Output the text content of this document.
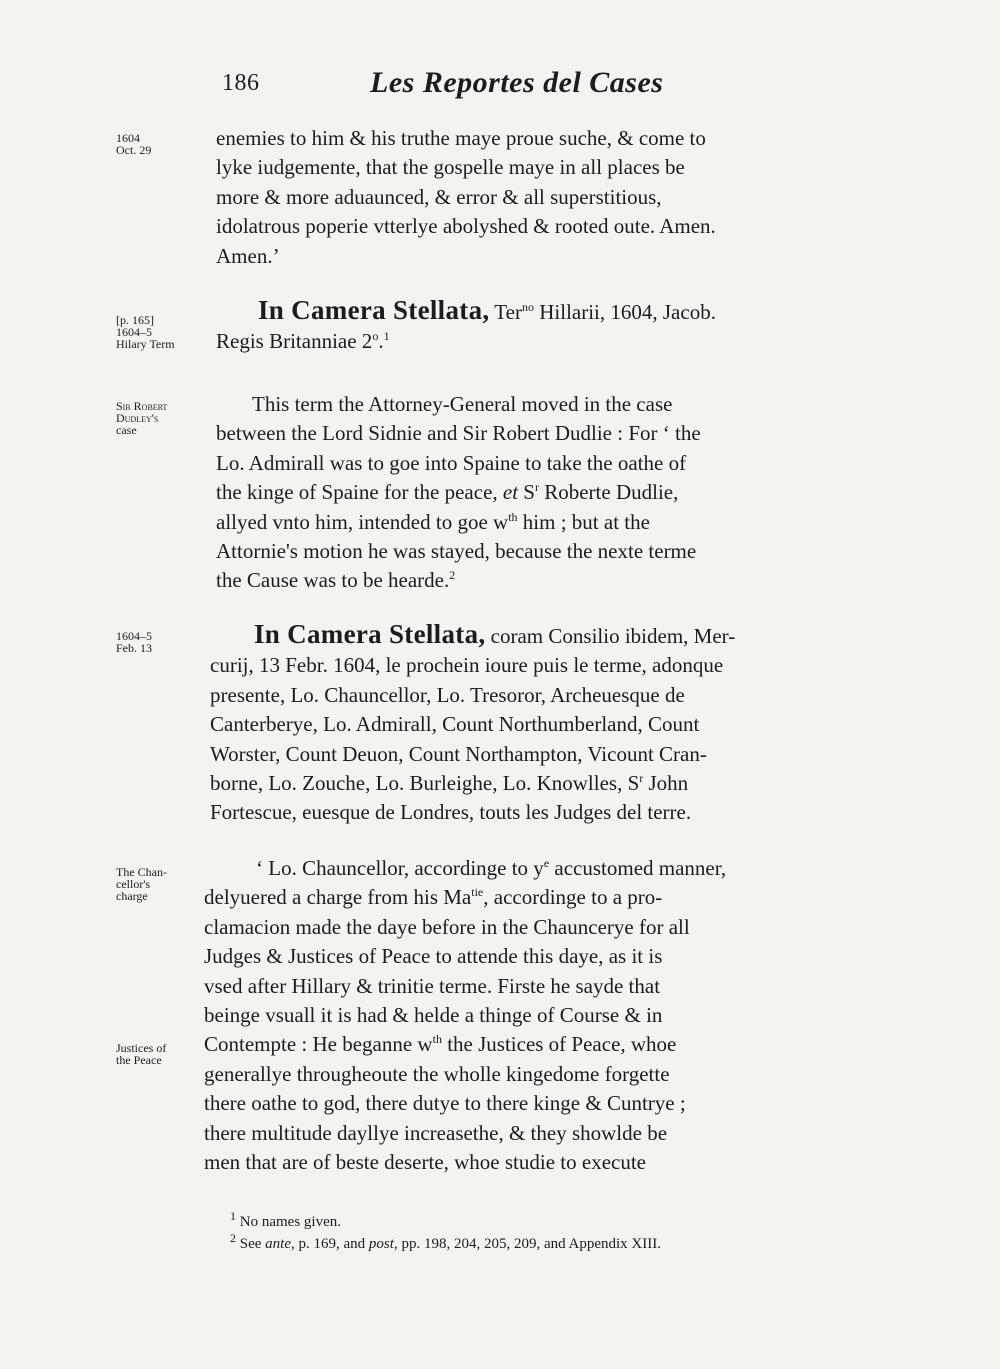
186	Les Reportes del Cases
1604
Oct. 29
[p. 165]
1604–5
Hilary Term
Sir Robert
Dudley's
case
1604–5
Feb. 13
The Chan-
cellor's
charge
Justices of
the Peace
enemies to him & his truthe maye proue suche, & come to
lyke iudgemente, that the gospelle maye in all places be
more & more aduaunced, & error & all superstitious,
idolatrous poperie vtterlye abolyshed & rooted oute. Amen.
Amen.’
In Camera Stellata, Ter$^{no}$ Hillarii, 1604, Jacob.
Regis Britanniae 2$^o$.$^1$
This term the Attorney-General moved in the case
between the Lord Sidnie and Sir Robert Dudlie : For ‘ the
Lo. Admirall was to goe into Spaine to take the oathe of
the kinge of Spaine for the peace, et $S^r$ Roberte Dudlie,
allyed vnto him, intended to goe $w^{th}$ him ; but at the
Attornie's motion he was stayed, because the nexte terme
the Cause was to be hearde.$^2$
In Camera Stellata, coram Consilio ibidem, Mer-
curij, 13 Febr. 1604, le prochein ioure puis le terme, adonque
presente, Lo. Chauncellor, Lo. Tresoror, Archeuesque de
Canterberye, Lo. Admirall, Count Northumberland, Count
Worster, Count Deuon, Count Northampton, Vicount Cran-
borne, Lo. Zouche, Lo. Burleighe, Lo. Knowlles, $S^r$ John
Fortescue, euesque de Londres, touts les Judges del terre.
‘ Lo. Chauncellor, accordinge to $y^e$ accustomed manner,
delyuered a charge from his $Ma^{tie}$, accordinge to a pro-
clamacion made the daye before in the Chauncerye for all
Judges & Justices of Peace to attende this daye, as it is
vsed after Hillary & trinitie terme. Firste he sayde that
beinge vsuall it is had & helde a thinge of Course & in
Contempte : He beganne $w^{th}$ the Justices of Peace, whoe
generallye througheoute the wholle kingedome forgette
there oathe to god, there dutye to there kinge & Cuntrye ;
there multitude dayllye increasethe, & they showlde be
men that are of beste deserte, whoe studie to execute
$^1$ No names given.
$^2$ See ante, p. 169, and post, pp. 198, 204, 205, 209, and Appendix XIII.
